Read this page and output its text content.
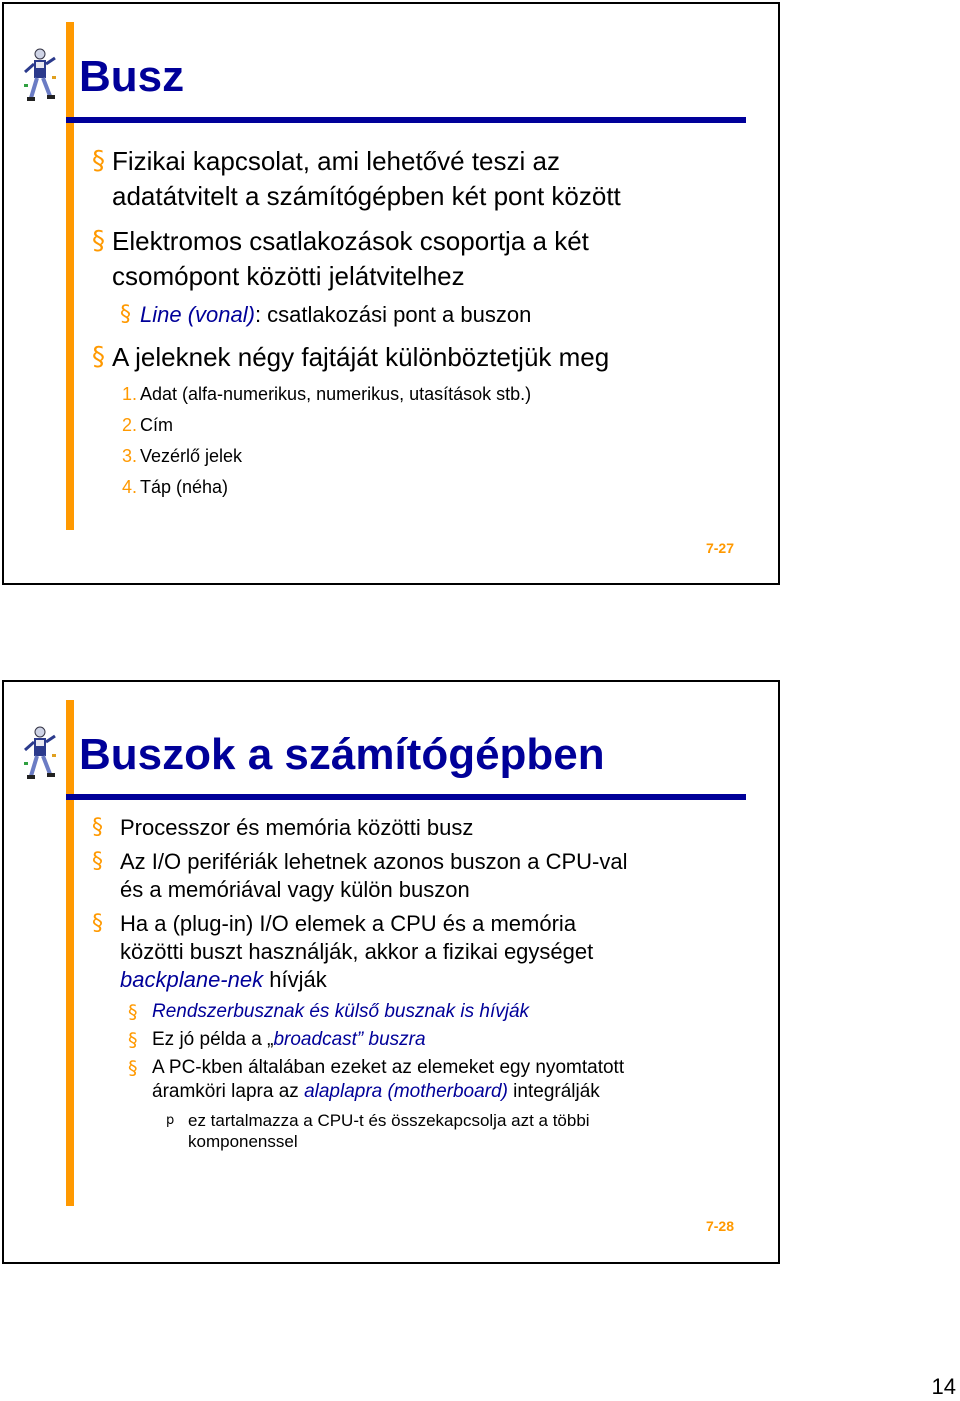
Busz
§ Fizikai kapcsolat, ami lehetővé teszi az
adatátvitelt a számítógépben két pont között
§ Elektromos csatlakozások csoportja a két
csomópont közötti jelátvitelhez
§ Line (vonal): csatlakozási pont a buszon
§ A jeleknek négy fajtáját különböztetjük meg
1. Adat (alfa-numerikus, numerikus, utasítások stb.)
2. Cím
3. Vezérlő jelek
4. Táp (néha)
7-27
Buszok a számítógépben
§ Processzor és memória közötti busz
§ Az I/O perifériák lehetnek azonos buszon a CPU-val
és a memóriával vagy külön buszon
§ Ha a (plug-in) I/O elemek a CPU és a memória
közötti buszt használják, akkor a fizikai egységet
backplane-nek hívják
§ Rendszerbusznak és külső busznak is hívják
§ Ez jó példa a „broadcast” buszra
§ A PC-kben általában ezeket az elemeket egy nyomtatott
áramköri lapra az alaplapra (motherboard) integrálják
p ez tartalmazza a CPU-t és összekapcsolja azt a többi
komponenssel
7-28
14
